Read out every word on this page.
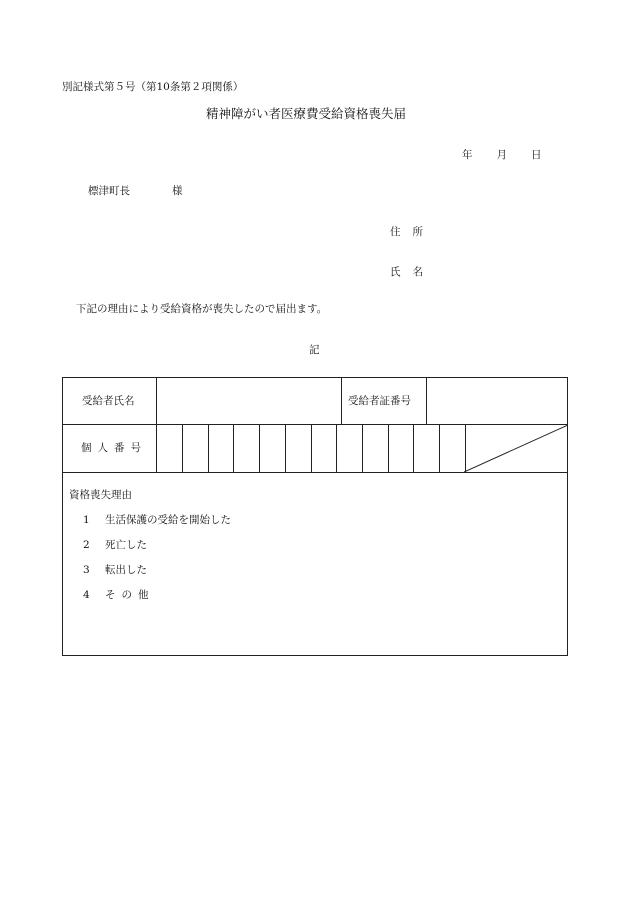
別記様式第５号（第10条第２項関係）
精神障がい者医療費受給資格喪失届
年 月 日
標津町長	様
住所
氏名
下記の理由により受給資格が喪失したので届出ます。
記
受給者氏名	受給者証番号
個人番号
資格喪失理由
1 生活保護の受給を開始した
2 死亡した
3 転出した
4 その他
